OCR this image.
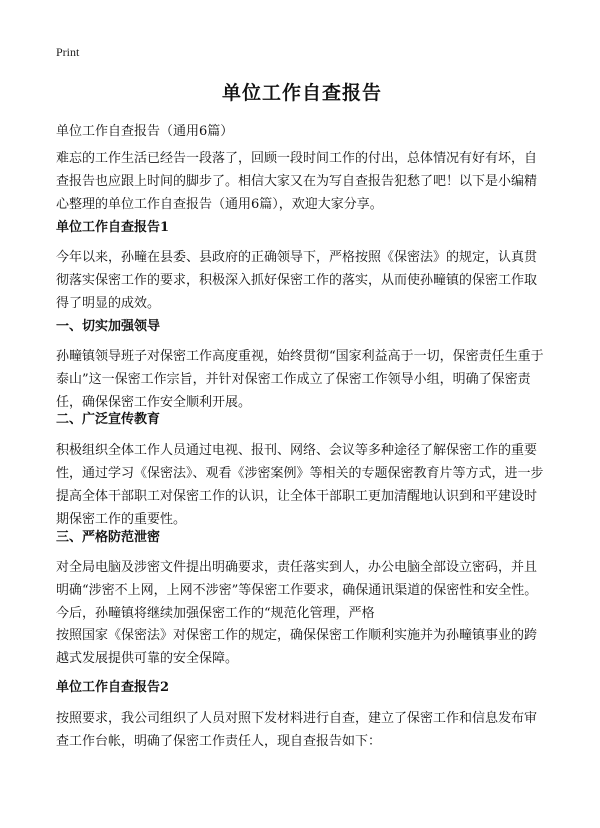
Print
单位工作自查报告

单位工作自查报告（通用6篇）

难忘的工作生活已经告一段落了，回顾一段时间工作的付出，总体情况有好有坏，自查报告也应跟上时间的脚步了。相信大家又在为写自查报告犯愁了吧！以下是小编精心整理的单位工作自查报告（通用6篇），欢迎大家分享。

单位工作自查报告1

今年以来，孙疃在县委、县政府的正确领导下，严格按照《保密法》的规定，认真贯彻落实保密工作的要求，积极深入抓好保密工作的落实，从而使孙疃镇的保密工作取得了明显的成效。

一、切实加强领导

孙疃镇领导班子对保密工作高度重视，始终贯彻“国家利益高于一切，保密责任生重于泰山”这一保密工作宗旨，并针对保密工作成立了保密工作领导小组，明确了保密责任，确保保密工作安全顺利开展。

二、广泛宣传教育

积极组织全体工作人员通过电视、报刊、网络、会议等多种途径了解保密工作的重要性，通过学习《保密法》、观看《涉密案例》等相关的专题保密教育片等方式，进一步提高全体干部职工对保密工作的认识，让全体干部职工更加清醒地认识到和平建设时期保密工作的重要性。

三、严格防范泄密

对全局电脑及涉密文件提出明确要求，责任落实到人，办公电脑全部设立密码，并且明确“涉密不上网，上网不涉密”等保密工作要求，确保通讯渠道的保密性和安全性。 今后，孙疃镇将继续加强保密工作的“规范化管理，严格

按照国家《保密法》对保密工作的规定，确保保密工作顺利实施并为孙疃镇事业的跨越式发展提供可靠的安全保障。

单位工作自查报告2

按照要求，我公司组织了人员对照下发材料进行自查，建立了保密工作和信息发布审查工作台帐，明确了保密工作责任人，现自查报告如下：
